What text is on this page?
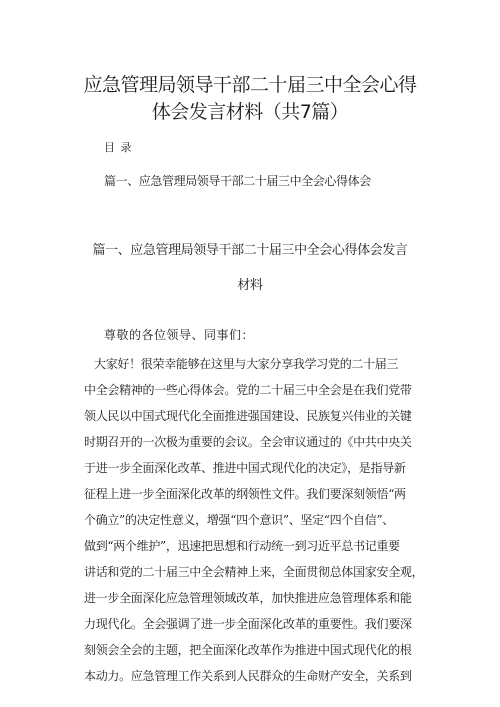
应急管理局领导干部二十届三中全会心得
体会发言材料（共7篇）
目 录
篇一、应急管理局领导干部二十届三中全会心得体会
篇一、应急管理局领导干部二十届三中全会心得体会发言
材料
尊敬的各位领导、同事们：
大家好！很荣幸能够在这里与大家分享我学习党的二十届三
中全会精神的一些心得体会。党的二十届三中全会是在我们党带
领人民以中国式现代化全面推进强国建设、民族复兴伟业的关键
时期召开的一次极为重要的会议。全会审议通过的《中共中央关
于进一步全面深化改革、推进中国式现代化的决定》，是指导新
征程上进一步全面深化改革的纲领性文件。我们要深刻领悟“两
个确立”的决定性意义，增强“四个意识”、坚定“四个自信”、
做到“两个维护”，迅速把思想和行动统一到习近平总书记重要
讲话和党的二十届三中全会精神上来，全面贯彻总体国家安全观，
进一步全面深化应急管理领域改革，加快推进应急管理体系和能
力现代化。全会强调了进一步全面深化改革的重要性。我们要深
刻领会全会的主题，把全面深化改革作为推进中国式现代化的根
本动力。应急管理工作关系到人民群众的生命财产安全，关系到
